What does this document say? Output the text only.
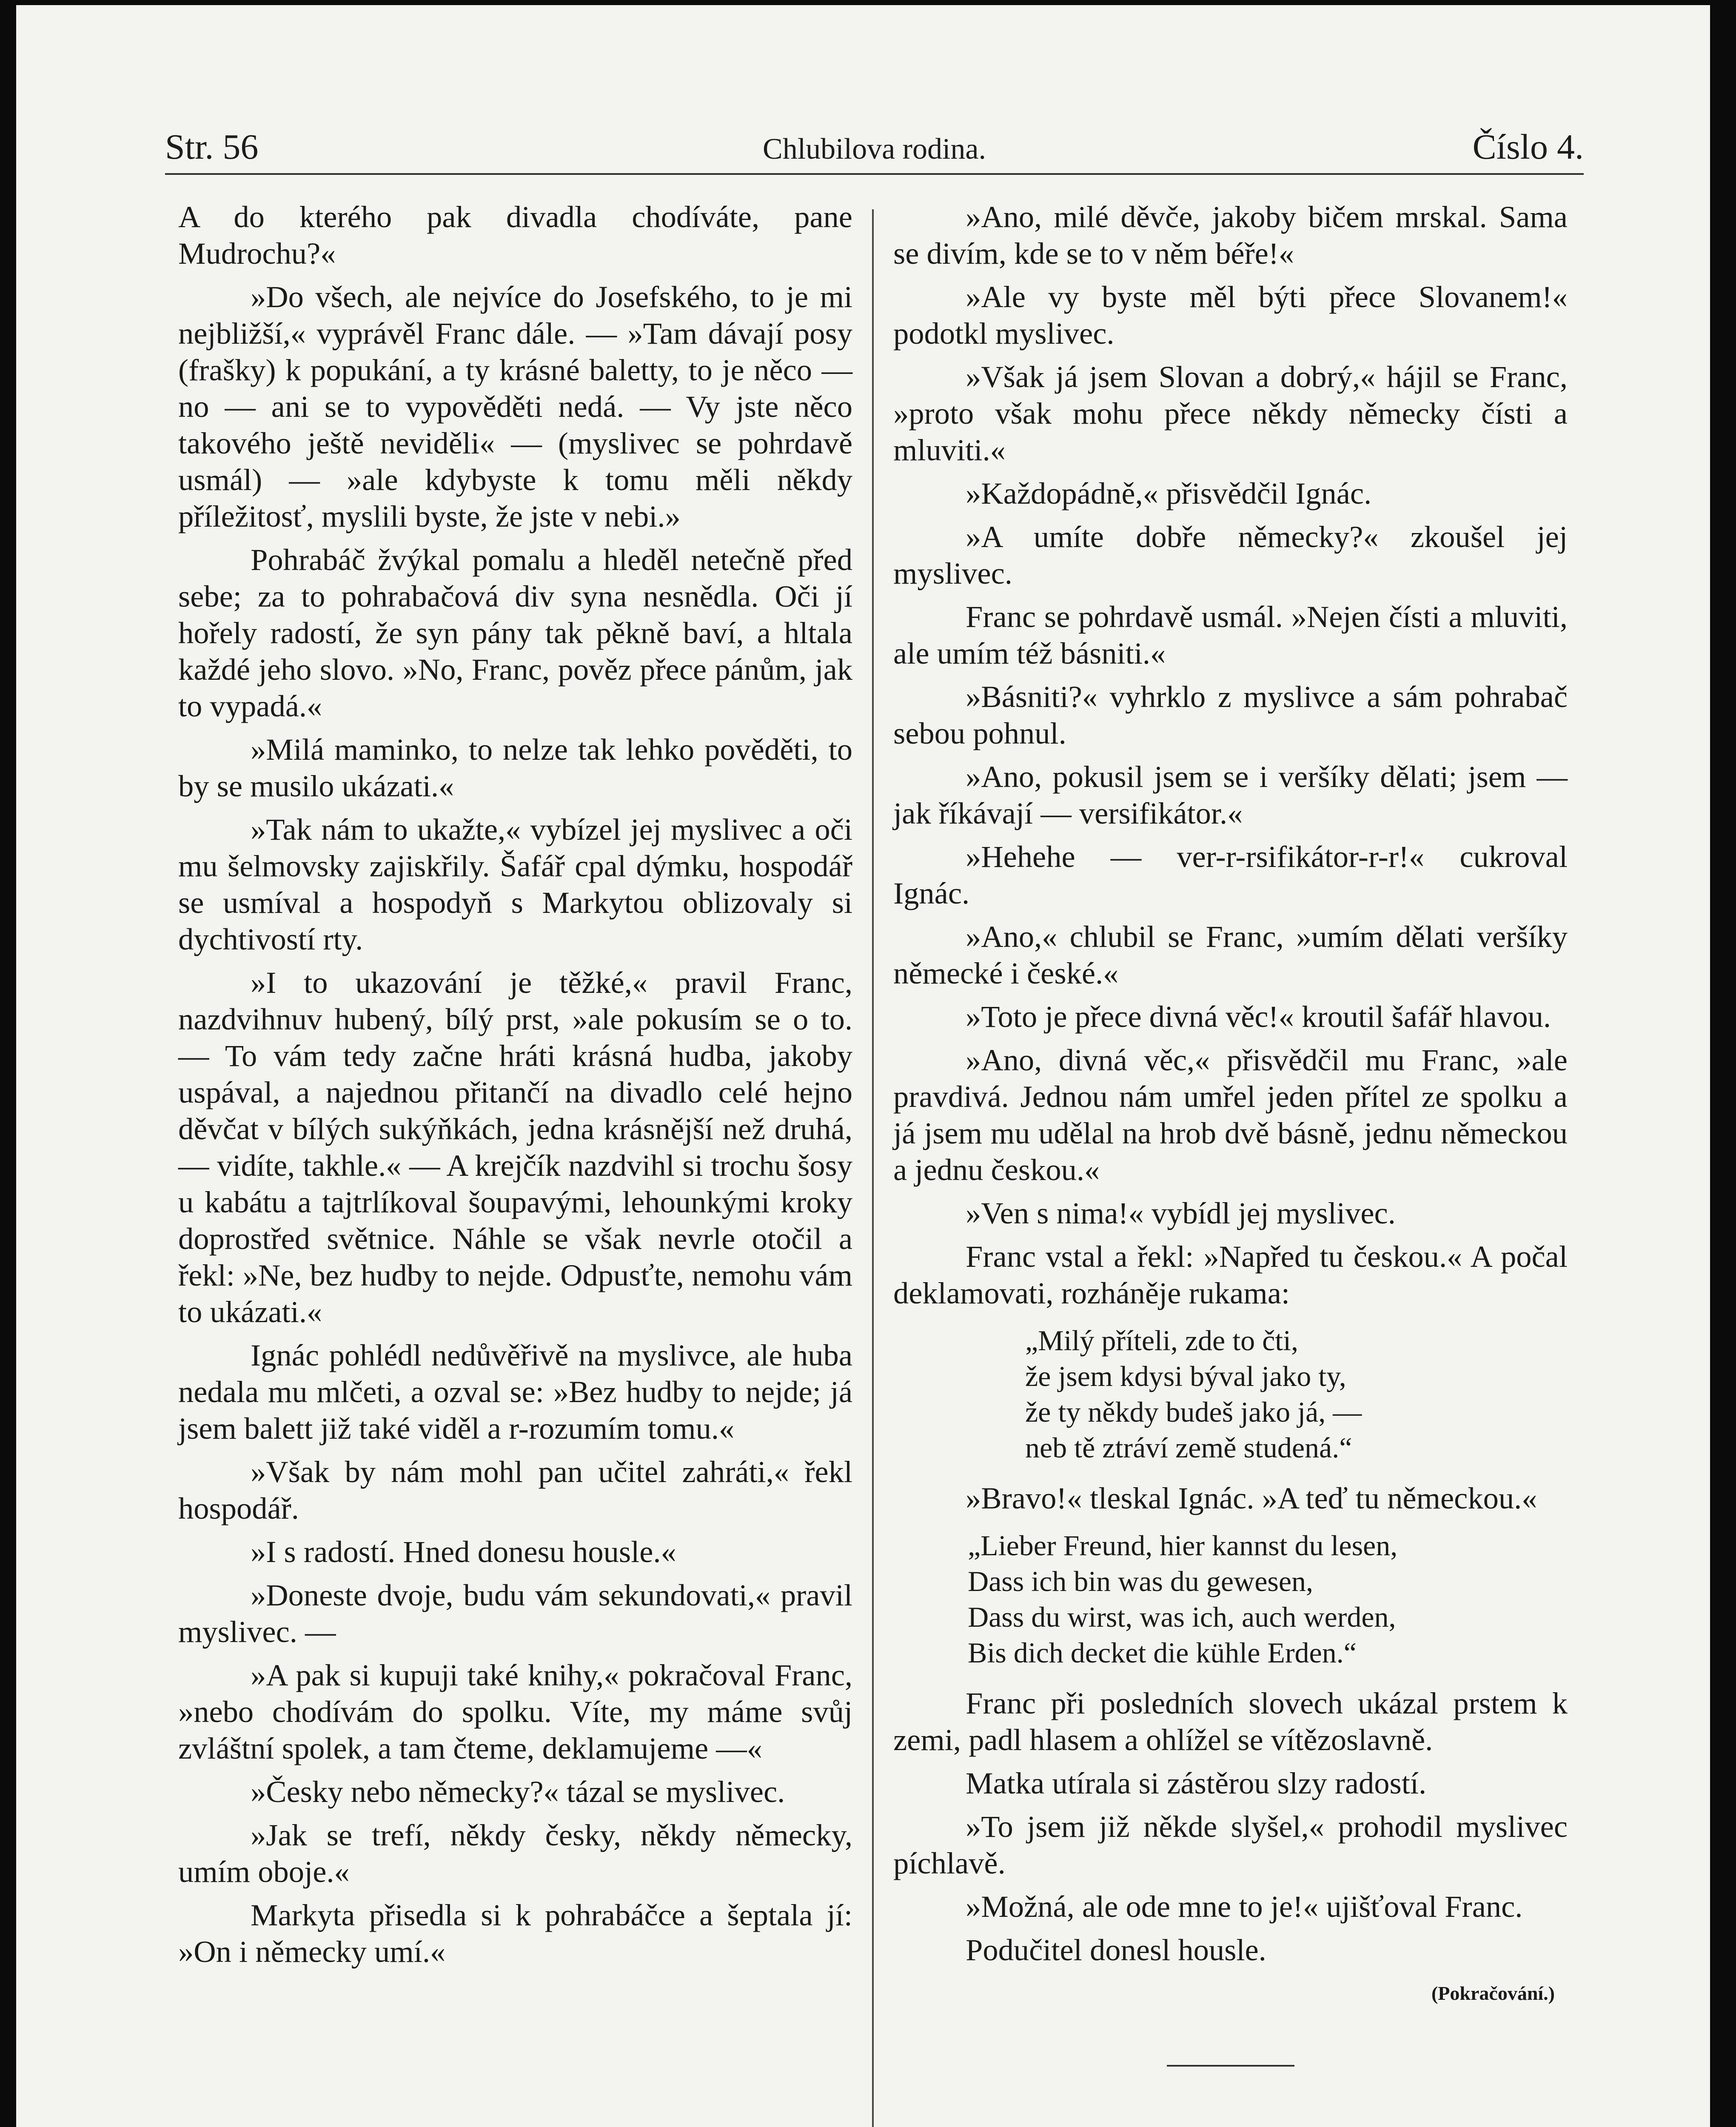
Str. 56	Chlubilova rodina.	Číslo 4.

A do kterého pak divadla chodíváte, pane Mudrochu?«

»Do všech, ale nejvíce do Josefského, to je mi nejbližší,« vyprávěl Franc dále. — »Tam dávají posy (frašky) k popukání, a ty krásné baletty, to je něco — no — ani se to vypověděti nedá. — Vy jste něco takového ještě neviděli« — (myslivec se pohrdavě usmál) — »ale kdybyste k tomu měli někdy příležitosť, myslili byste, že jste v nebi.»

Pohrabáč žvýkal pomalu a hleděl netečně před sebe; za to pohrabačová div syna nesnědla. Oči jí hořely radostí, že syn pány tak pěkně baví, a hltala každé jeho slovo. »No, Franc, pověz přece pánům, jak to vypadá.«

»Milá maminko, to nelze tak lehko pověděti, to by se musilo ukázati.«

»Tak nám to ukažte,« vybízel jej myslivec a oči mu šelmovsky zajiskřily. Šafář cpal dýmku, hospodář se usmíval a hospodyň s Markytou oblizovaly si dychtivostí rty.

»I to ukazování je těžké,« pravil Franc, nazdvihnuv hubený, bílý prst, »ale pokusím se o to. — To vám tedy začne hráti krásná hudba, jakoby uspával, a najednou přitančí na divadlo celé hejno děvčat v bílých sukýňkách, jedna krásnější než druhá, — vidíte, takhle.« — A krejčík nazdvihl si trochu šosy u kabátu a tajtrlíkoval šoupavými, lehounkými kroky doprostřed světnice. Náhle se však nevrle otočil a řekl: »Ne, bez hudby to nejde. Odpusťte, nemohu vám to ukázati.«

Ignác pohlédl nedůvěřivě na myslivce, ale huba nedala mu mlčeti, a ozval se: »Bez hudby to nejde; já jsem balett již také viděl a r-rozumím tomu.«

»Však by nám mohl pan učitel zahráti,« řekl hospodář.

»I s radostí. Hned donesu housle.«

»Doneste dvoje, budu vám sekundovati,« pravil myslivec. —

»A pak si kupuji také knihy,« pokračoval Franc, »nebo chodívám do spolku. Víte, my máme svůj zvláštní spolek, a tam čteme, deklamujeme —«

»Česky nebo německy?« tázal se myslivec.

»Jak se trefí, někdy česky, někdy německy, umím oboje.«

Markyta přisedla si k pohrabáčce a šeptala jí: »On i německy umí.«

»Ano, milé děvče, jakoby bičem mrskal. Sama se divím, kde se to v něm béře!«

»Ale vy byste měl býti přece Slovanem!« podotkl myslivec.

»Však já jsem Slovan a dobrý,« hájil se Franc, »proto však mohu přece někdy německy čísti a mluviti.«

»Každopádně,« přisvědčil Ignác.

»A umíte dobře německy?« zkoušel jej myslivec.

Franc se pohrdavě usmál. »Nejen čísti a mluviti, ale umím též básniti.«

»Básniti?« vyhrklo z myslivce a sám pohrabač sebou pohnul.

»Ano, pokusil jsem se i veršíky dělati; jsem — jak říkávají — versifikátor.«

»Hehehe — ver-r-rsifikátor-r-r!« cukroval Ignác.

»Ano,« chlubil se Franc, »umím dělati veršíky německé i české.«

»Toto je přece divná věc!« kroutil šafář hlavou.

»Ano, divná věc,« přisvědčil mu Franc, »ale pravdivá. Jednou nám umřel jeden přítel ze spolku a já jsem mu udělal na hrob dvě básně, jednu německou a jednu českou.«

»Ven s nima!« vybídl jej myslivec.

Franc vstal a řekl: »Napřed tu českou.« A počal deklamovati, rozháněje rukama:

„Milý příteli, zde to čti,
že jsem kdysi býval jako ty,
že ty někdy budeš jako já, —
neb tě ztráví země studená.“

»Bravo!« tleskal Ignác. »A teď tu německou.«

„Lieber Freund, hier kannst du lesen,
Dass ich bin was du gewesen,
Dass du wirst, was ich, auch werden,
Bis dich decket die kühle Erden.“

Franc při posledních slovech ukázal prstem k zemi, padl hlasem a ohlížel se vítězoslavně.

Matka utírala si zástěrou slzy radostí.

»To jsem již někde slyšel,« prohodil myslivec píchlavě.

»Možná, ale ode mne to je!« ujišťoval Franc.

Podučitel donesl housle.

(Pokračování.)
